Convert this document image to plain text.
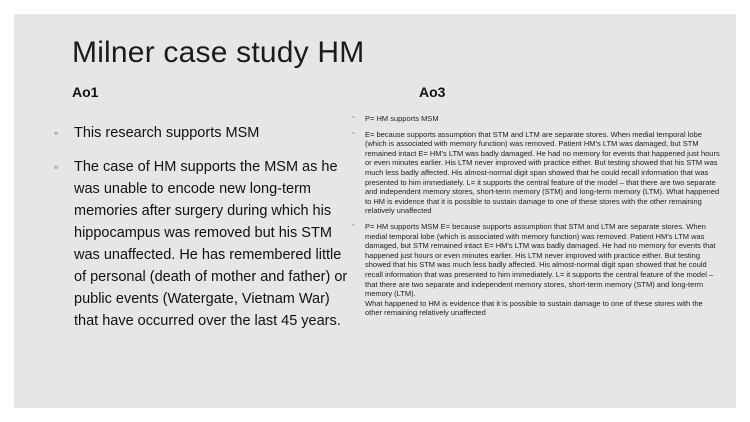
Milner case study HM
Ao1	Ao3
◦ This research supports MSM
◦ The case of HM supports the MSM as he was unable to encode new long-term memories after surgery during which his hippocampus was removed but his STM was unaffected. He has remembered little of personal (death of mother and father) or public events (Watergate, Vietnam War) that have occurred over the last 45 years.
◦ P= HM supports MSM

◦ E= because supports assumption that STM and LTM are separate stores. When medial temporal lobe (which is associated with memory function) was removed. Patient HM’s LTM was damaged, but STM remained intact E= HM’s LTM was badly damaged. He had no memory for events that happened just hours or even minutes earlier. His LTM never improved with practice either. But testing showed that his STM was much less badly affected. His almost-normal digit span showed that he could recall information that was presented to him immediately. L= it supports the central feature of the model – that there are two separate and independent memory stores, short-term memory (STM) and long-term memory (LTM). What happened to HM is evidence that it is possible to sustain damage to one of these stores with the other remaining relatively unaffected

◦ P= HM supports MSM E= because supports assumption that STM and LTM are separate stores. When medial temporal lobe (which is associated with memory function) was removed. Patient HM’s LTM was damaged, but STM remained intact E= HM’s LTM was badly damaged. He had no memory for events that happened just hours or even minutes earlier. His LTM never improved with practice either. But testing showed that his STM was much less badly affected. His almost-normal digit span showed that he could recall information that was presented to him immediately. L= it supports the central feature of the model – that there are two separate and independent memory stores, short-term memory (STM) and long-term memory (LTM).

What happened to HM is evidence that it is possible to sustain damage to one of these stores with the other remaining relatively unaffected
